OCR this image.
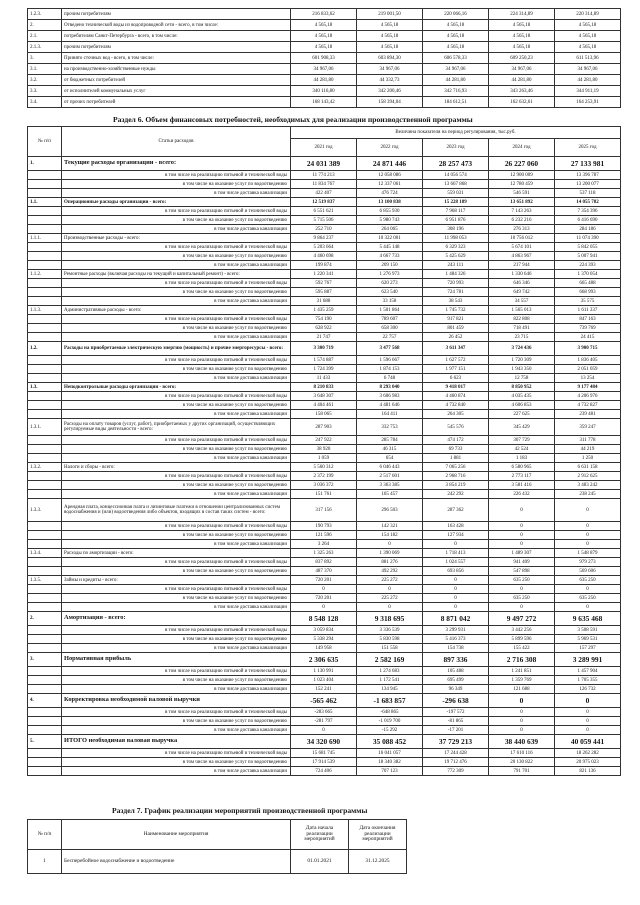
1.2.3.	прочим потребителям	216 833,62	219 001,50	220 066,16	224 314,89	220 314,89
2.	Отведено технической воды из водопроводной сети - всего, в том числе:	4 565,18	4 565,18	4 565,18	4 565,18	4 565,18
2.1.	потребителям Санкт-Петербурга - всего, в том числе:	4 565,18	4 565,18	4 565,18	4 565,18	4 565,18
2.1.3.	прочим потребителям	4 565,18	4 565,18	4 565,18	4 565,18	4 565,18
3.	Принято сточных вод - всего, в том числе:	601 908,33	603 894,30	606 578,33	609 250,23	611 513,96
3.1.	на производственно-хозяйственные нужды	34 967,06	34 967,06	34 967,06	34 967,06	34 967,06
3.2.	от бюджетных потребителей	44 281,80	44 332,73	44 281,80	44 281,80	44 281,80
3.3.	от исполнителей коммунальных услуг	340 116,80	342 200,46	342 716,93	343 263,46	344 911,19
3.4.	от прочих потребителей	168 143,42	158 394,04	184 612,51	162 632,61	164 253,91
Раздел 6. Объем финансовых потребностей, необходимых для реализации производственной программы
№ п/п	Статьи расходов	Величина показателя на период регулирования, тыс.руб.				
		2021 год	2022 год	2023 год	2024 год	2025 год
1.	Текущие расходы организации - всего:	24 031 389	24 871 446	28 257 473	26 227 060	27 133 981
	в том числе на реализацию питьевой и технической воды	11 774 213	12 058 086	14 056 574	12 900 009	13 396 787
	в том числе на оказание услуг по водоотведению	11 834 767	12 337 061	13 667 868	12 780 459	13 200 077
	в том числе доставка канализации	422 407	476 724	559 031	546 591	537 118
1.1.	Операционные расходы организации - всего:	12 519 837	13 100 838	15 228 189	13 651 892	14 055 782
	в том числе на реализацию питьевой и технической воды	6 551 621	6 855 930	7 968 117	7 143 263	7 354 396
	в том числе на оказание услуг по водоотведению	5 715 506	5 980 743	6 951 876	6 232 216	6 416 690
	в том числе доставка канализации	252 710	264 065	308 196	276 313	284 186
1.1.1.	Производственные расходы - всего:	9 864 237	10 322 001	11 998 053	10 756 012	11 074 390
	в том числе на реализацию питьевой и технической воды	5 203 664	5 445 148	6 329 323	5 674 101	5 842 055
	в том числе на оказание услуг по водоотведению	4 460 698	4 667 733	5 425 629	4 863 967	5 007 941
	в том числе доставка канализации	199 874	209 150	243 111	217 944	224 393
1.1.2.	Ремонтные расходы (включая расходы на текущий и капитальный ремонт) - всего:	1 220 341	1 276 973	1 484 326	1 330 646	1 370 054
	в том числе на реализацию питьевой и технической воды	592 767	620 273	720 993	646 346	665 488
	в том числе на оказание услуг по водоотведению	595 887	623 540	724 781	649 742	668 993
	в том числе доставка канализации	31 688	33 158	38 543	34 557	35 575
1.1.3.	Административные расходы - всего:	1 435 259	1 501 864	1 745 732	1 565 013	1 611 337
	в том числе на реализацию питьевой и технической воды	754 190	789 607	917 821	822 808	847 163
	в том числе на оказание услуг по водоотведению	628 922	658 300	801 459	718 491	739 769
	в том числе доставка канализации	21 747	22 757	26 452	23 715	24 415
1.2.	Расходы на приобретаемые электрическую энергию (мощность) и прочие энергоресурсы - всего:	3 300 719	3 477 568	3 611 347	3 724 436	3 900 715
	в том числе на реализацию питьевой и технической воды	1 574 887	1 596 667	1 627 572	1 720 309	1 836 405
	в том числе на оказание услуг по водоотведению	1 724 399	1 874 153	1 977 151	1 943 350	2 051 059
	в том числе доставка канализации	11 433	6 748	6 623	12 758	13 254
1.3.	Неподконтрольные расходы организации - всего:	8 210 833	8 293 040	9 418 017	8 850 952	9 177 484
	в том числе на реализацию питьевой и технической воды	3 648 307	3 606 983	4 460 874	4 035 435	4 206 976
	в том числе на оказание услуг по водоотведению	4 404 461	4 481 646	4 732 840	4 606 853	4 732 827
	в том числе доставка канализации	158 065	164 411	264 305	227 625	239 481
1.3.1.	Расходы на оплату товаров (услуг, работ), приобретаемых у других организаций, осуществляющих регулируемые виды деятельности - всего:	287 903	332 753	545 576	345 429	359 247
	в том числе на реализацию питьевой и технической воды	247 922	285 784	474 172	307 729	311 778
	в том числе на оказание услуг по водоотведению	38 920	46 315	69 733	42 524	44 219
	в том числе доставка канализации	1 059	654	1 881	1 183	1 250
1.3.2.	Налоги и сборы - всего:	5 560 312	6 046 443	7 065 256	6 580 965	6 631 158
	в том числе на реализацию питьевой и технической воды	2 372 199	2 517 601	2 968 716	2 773 117	2 912 625
	в том числе на оказание услуг по водоотведению	3 036 372	3 363 385	3 854 219	3 581 416	3 483 242
	в том числе доставка канализации	151 761	165 457	242 292	226 432	238 245
1.3.3.	Арендная плата, концессионная плата и лизинговые платежи в отношении централизованных систем водоснабжения и (или) водоотведения либо объектов, входящих в состав таких систем - всего:	317 156	296 503	287 362	0	0
	в том числе на реализацию питьевой и технической воды	190 793	142 321	163 428	0	0
	в том числе на оказание услуг по водоотведению	121 596	154 182	127 934	0	0
	в том числе доставка канализации	3 264	0	0	0	0
1.3.4.	Расходы по амортизации - всего:	1 325 263	1 390 069	1 718 413	1 489 307	1 548 879
	в том числе на реализацию питьевой и технической воды	837 892	881 276	1 024 557	941 409	979 273
	в том числе на оказание услуг по водоотведению	487 370	492 292	693 856	547 898	569 606
1.3.5.	Займы и кредиты - всего:	720 201	225 272	0	635 250	635 250
	в том числе на реализацию питьевой и технической воды	0	0	0	0	0
	в том числе на оказание услуг по водоотведению	720 201	225 272	0	635 250	635 250
	в том числе доставка канализации	0	0	0	0	0
2.	Амортизация - всего:	8 548 128	9 318 695	8 871 042	9 497 272	9 635 468
	в том числе на реализацию питьевой и технической воды	3 059 834	3 336 539	3 299 931	3 442 256	3 508 591
	в том числе на оказание услуг по водоотведению	5 338 294	5 830 598	5 416 373	5 899 596	5 969 531
	в том числе доставка канализации	149 958	151 558	154 738	155 422	157 297
3.	Нормативная прибыль	2 306 635	2 582 169	897 336	2 716 308	3 289 991
	в том числе на реализацию питьевой и технической воды	1 130 991	1 274 683	105 488	1 241 851	1 457 904
	в том числе на оказание услуг по водоотведению	1 023 404	1 172 541	695 499	1 359 769	1 705 355
	в том числе доставка канализации	152 241	134 945	96 349	121 688	126 732
4.	Корректировка необходимой валовой выручки	-565 462	-1 683 857	-296 638	0	0
	в том числе на реализацию питьевой и технической воды	-283 665	-648 865	-197 572	0	0
	в том числе на оказание услуг по водоотведению	-281 797	-1 019 700	-81 865	0	0
	в том числе доставка канализации	0	-15 292	-17 201	0	0
5.	ИТОГО необходимая валовая выручка	34 320 690	35 088 452	37 729 213	38 440 639	40 059 441
	в том числе на реализацию питьевой и технической воды	15 681 745	16 041 057	17 244 428	17 610 116	18 262 282
	в том числе на оказание услуг по водоотведению	17 914 539	18 340 382	19 712 476	20 130 822	20 975 023
	в том числе доставка канализации	724 406	707 123	772 309	791 701	821 136
Раздел 7. График реализации мероприятий производственной программы
№ п/п	Наименование мероприятия	Дата начала реализации мероприятий	Дата окончания реализации мероприятий
1	Бесперебойное водоснабжение и водоотведение	01.01.2021	31.12.2025
